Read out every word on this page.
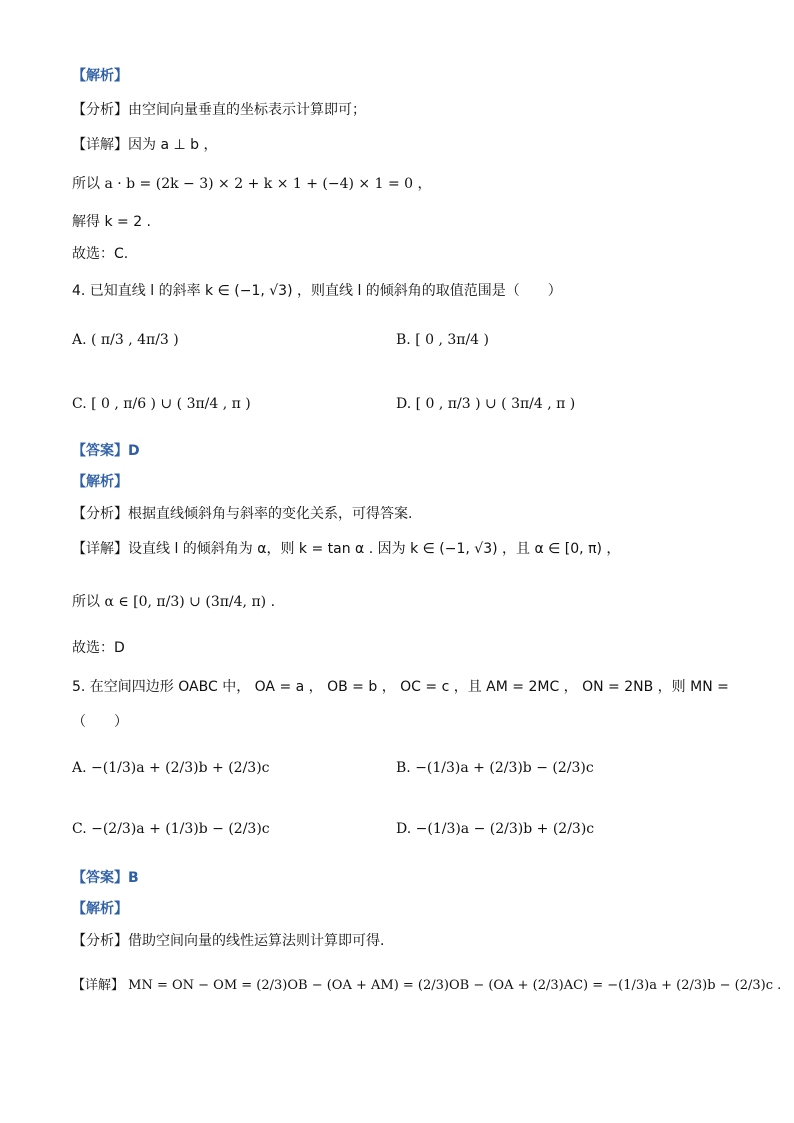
【解析】
【分析】由空间向量垂直的坐标表示计算即可；
【详解】因为 a ⊥ b ，
所以 a · b = (2k − 3) × 2 + k × 1 + (−4) × 1 = 0 ，
解得 k = 2 .
故选：C.
4. 已知直线 l 的斜率 k ∈ (−1, √3) ，则直线 l 的倾斜角的取值范围是（　　）
A. ( π/3 , 4π/3 )	B. [ 0 , 3π/4 )
C. [ 0 , π/6 ) ∪ ( 3π/4 , π )	D. [ 0 , π/3 ) ∪ ( 3π/4 , π )
【答案】D
【解析】
【分析】根据直线倾斜角与斜率的变化关系，可得答案.
【详解】设直线 l 的倾斜角为 α，则 k = tan α . 因为 k ∈ (−1, √3) ，且 α ∈ [0, π) ，
所以 α ∈ [0, π/3) ∪ (3π/4, π) .
故选：D
5. 在空间四边形 OABC 中， OA = a ， OB = b ， OC = c ，且 AM = 2MC ， ON = 2NB ，则 MN =
（　　）
A. −(1/3)a + (2/3)b + (2/3)c	B. −(1/3)a + (2/3)b − (2/3)c
C. −(2/3)a + (1/3)b − (2/3)c	D. −(1/3)a − (2/3)b + (2/3)c
【答案】B
【解析】
【分析】借助空间向量的线性运算法则计算即可得.
【详解】 MN = ON − OM = (2/3)OB − (OA + AM) = (2/3)OB − (OA + (2/3)AC) = −(1/3)a + (2/3)b − (2/3)c .
